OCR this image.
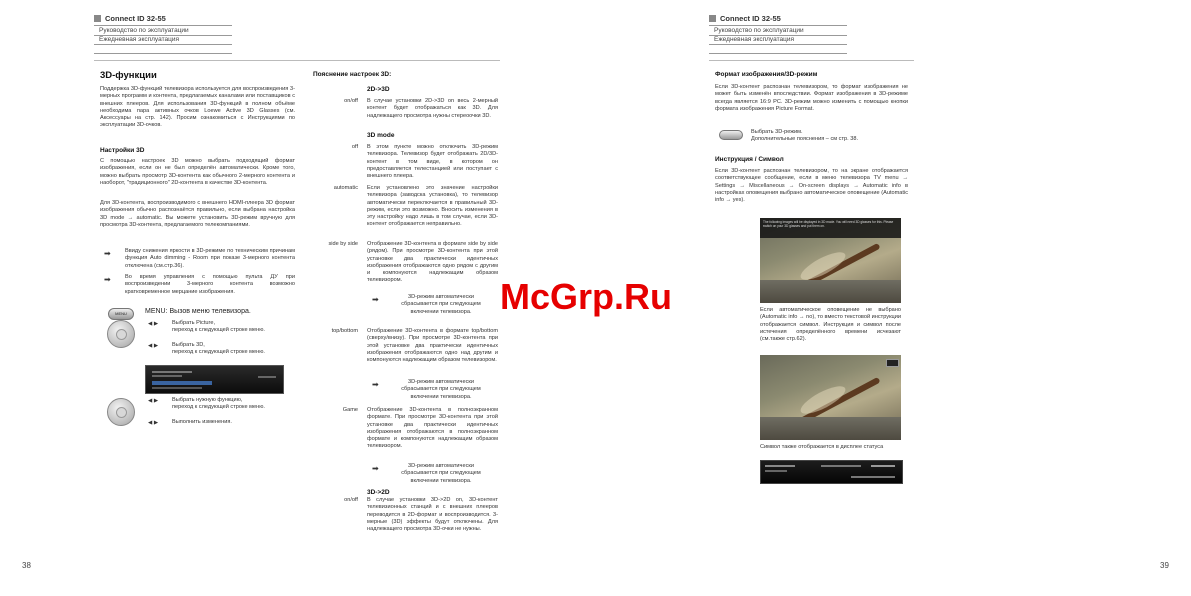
Connect ID 32-55
Руководство по эксплуатации
Ежедневная эксплуатация
Connect ID 32-55
Руководство по эксплуатации
Ежедневная эксплуатация
3D-функции
Поддержка 3D-функций телевизора используется для воспроизведения 3-мерных программ и контента, предлагаемых каналами или поставщиков с внешних плееров. Для использования 3D-функций в полном объёме необходима пара активных очков Loewe Active 3D Glasses (см. Аксессуары на стр. 142). Просим ознакомиться с Инструкциями по эксплуатации 3D-очков.
Настройки 3D
С помощью настроек 3D можно выбрать подходящий формат изображения, если он не был определён автоматически. Кроме того, можно выбрать просмотр 3D-контента как обычного 2-мерного контента и наоборот, "традиционного" 2D-контента в качестве 3D-контента.
Для 3D-контента, воспроизводимого с внешнего HDMI-плеера 3D формат изображения обычно распознаётся правильно, если выбрана настройка 3D mode → automatic. Вы можете установить 3D-режим вручную для просмотра 3D-контента, предлагаемого телекомпаниями.
➡	Ввиду снижения яркости в 3D-режиме по техническим причинам функция Auto dimming - Room при показе 3-мерного контента отключена (см.стр.36).
➡	Во время управления с помощью пульта ДУ при воспроизведении 3-мерного контента возможно кратковременное мерцание изображения.
MENU	MENU: Вызов меню телевизора.
◀ ▶ Выбрать Picture,
переход к следующей строке меню.
◀ ▶ Выбрать 3D,
переход к следующей строке меню.
◀ ▶ Выбрать нужную функцию,
переход к следующей строке меню.
◀ ▶ Выполнить изменения.
38
Пояснение настроек 3D:
2D->3D
on/off В случае установки 2D->3D on весь 2-мерный контент будет отображаться как 3D. Для надлежащего просмотра нужны стереоочки 3D.
3D mode
off В этом пункте можно отключить 3D-режим телевизора. Телевизор будет отображать 2D/3D-контент в том виде, в котором он предоставляется телестанцией или поступает с внешнего плеера.
automatic Если установлено это значение настройки телевизора (заводска установка), то телевизор автоматически переключается в правильный 3D-режим, если это возможно. Вносить изменения в эту настройку надо лишь в том случае, если 3D-контент отображается неправильно.
side by side Отображение 3D-контента в формате side by side (рядом). При просмотре 3D-контента при этой установке два практически идентичных изображения отображаются одно рядом с другим и компонуются надлежащим образом телевизором.
➡	3D-режим автоматически сбрасывается при следующем включении телевизора.
top/bottom Отображение 3D-контента в формате top/bottom (сверху/внизу). При просмотре 3D-контента при этой установке два практически идентичных изображения отображаются одно над другим и компонуются надлежащим образом телевизором.
➡	3D-режим автоматически сбрасывается при следующем включении телевизора.
Game Отображение 3D-контента в полноэкранном формате. При просмотре 3D-контента при этой установке два практически идентичных изображения отображаются в полноэкранном формате и компонуются надлежащим образом телевизором.
➡	3D-режим автоматически сбрасывается при следующем включении телевизора.
3D->2D
on/off В случае установки 3D->2D on, 3D-контент телевизионных станций и с внешних плееров переводится в 2D-формат и воспроизводится. 3-мерные (3D) эффекты будут отключены. Для надлежащего просмотра 3D-очки не нужны.
Формат изображения/3D-режим
Если 3D-контент распознан телевизором, то формат изображения не может быть изменён впоследствии. Формат изображения в 3D-режиме всегда является 16:9 PC. 3D-режим можно изменить с помощью кнопки формата изображения Picture Format.
Выбрать 3D-режим.
Дополнительные пояснения – см стр. 38.
Инструкция / Символ
Если 3D-контент распознан телевизором, то на экране отображается соответствующее сообщение, если в меню телевизора TV menu → Settings → Miscellaneous → On-screen displays → Automatic info в настройках оповещения выбрано автоматическое оповещение (Automatic info → yes).
The following images will be displayed in 3D mode. You will need 3D glasses for this. Please switch on your 3D glasses and put them on.
Если автоматическое оповещение не выбрано (Automatic info → no), то вместо текстовой инструкции отображается символ. Инструкция и символ после истечения определённого времени исчезают (см.также стр.62).
Символ также отображается в дисплее статуса
39
McGrp.Ru
